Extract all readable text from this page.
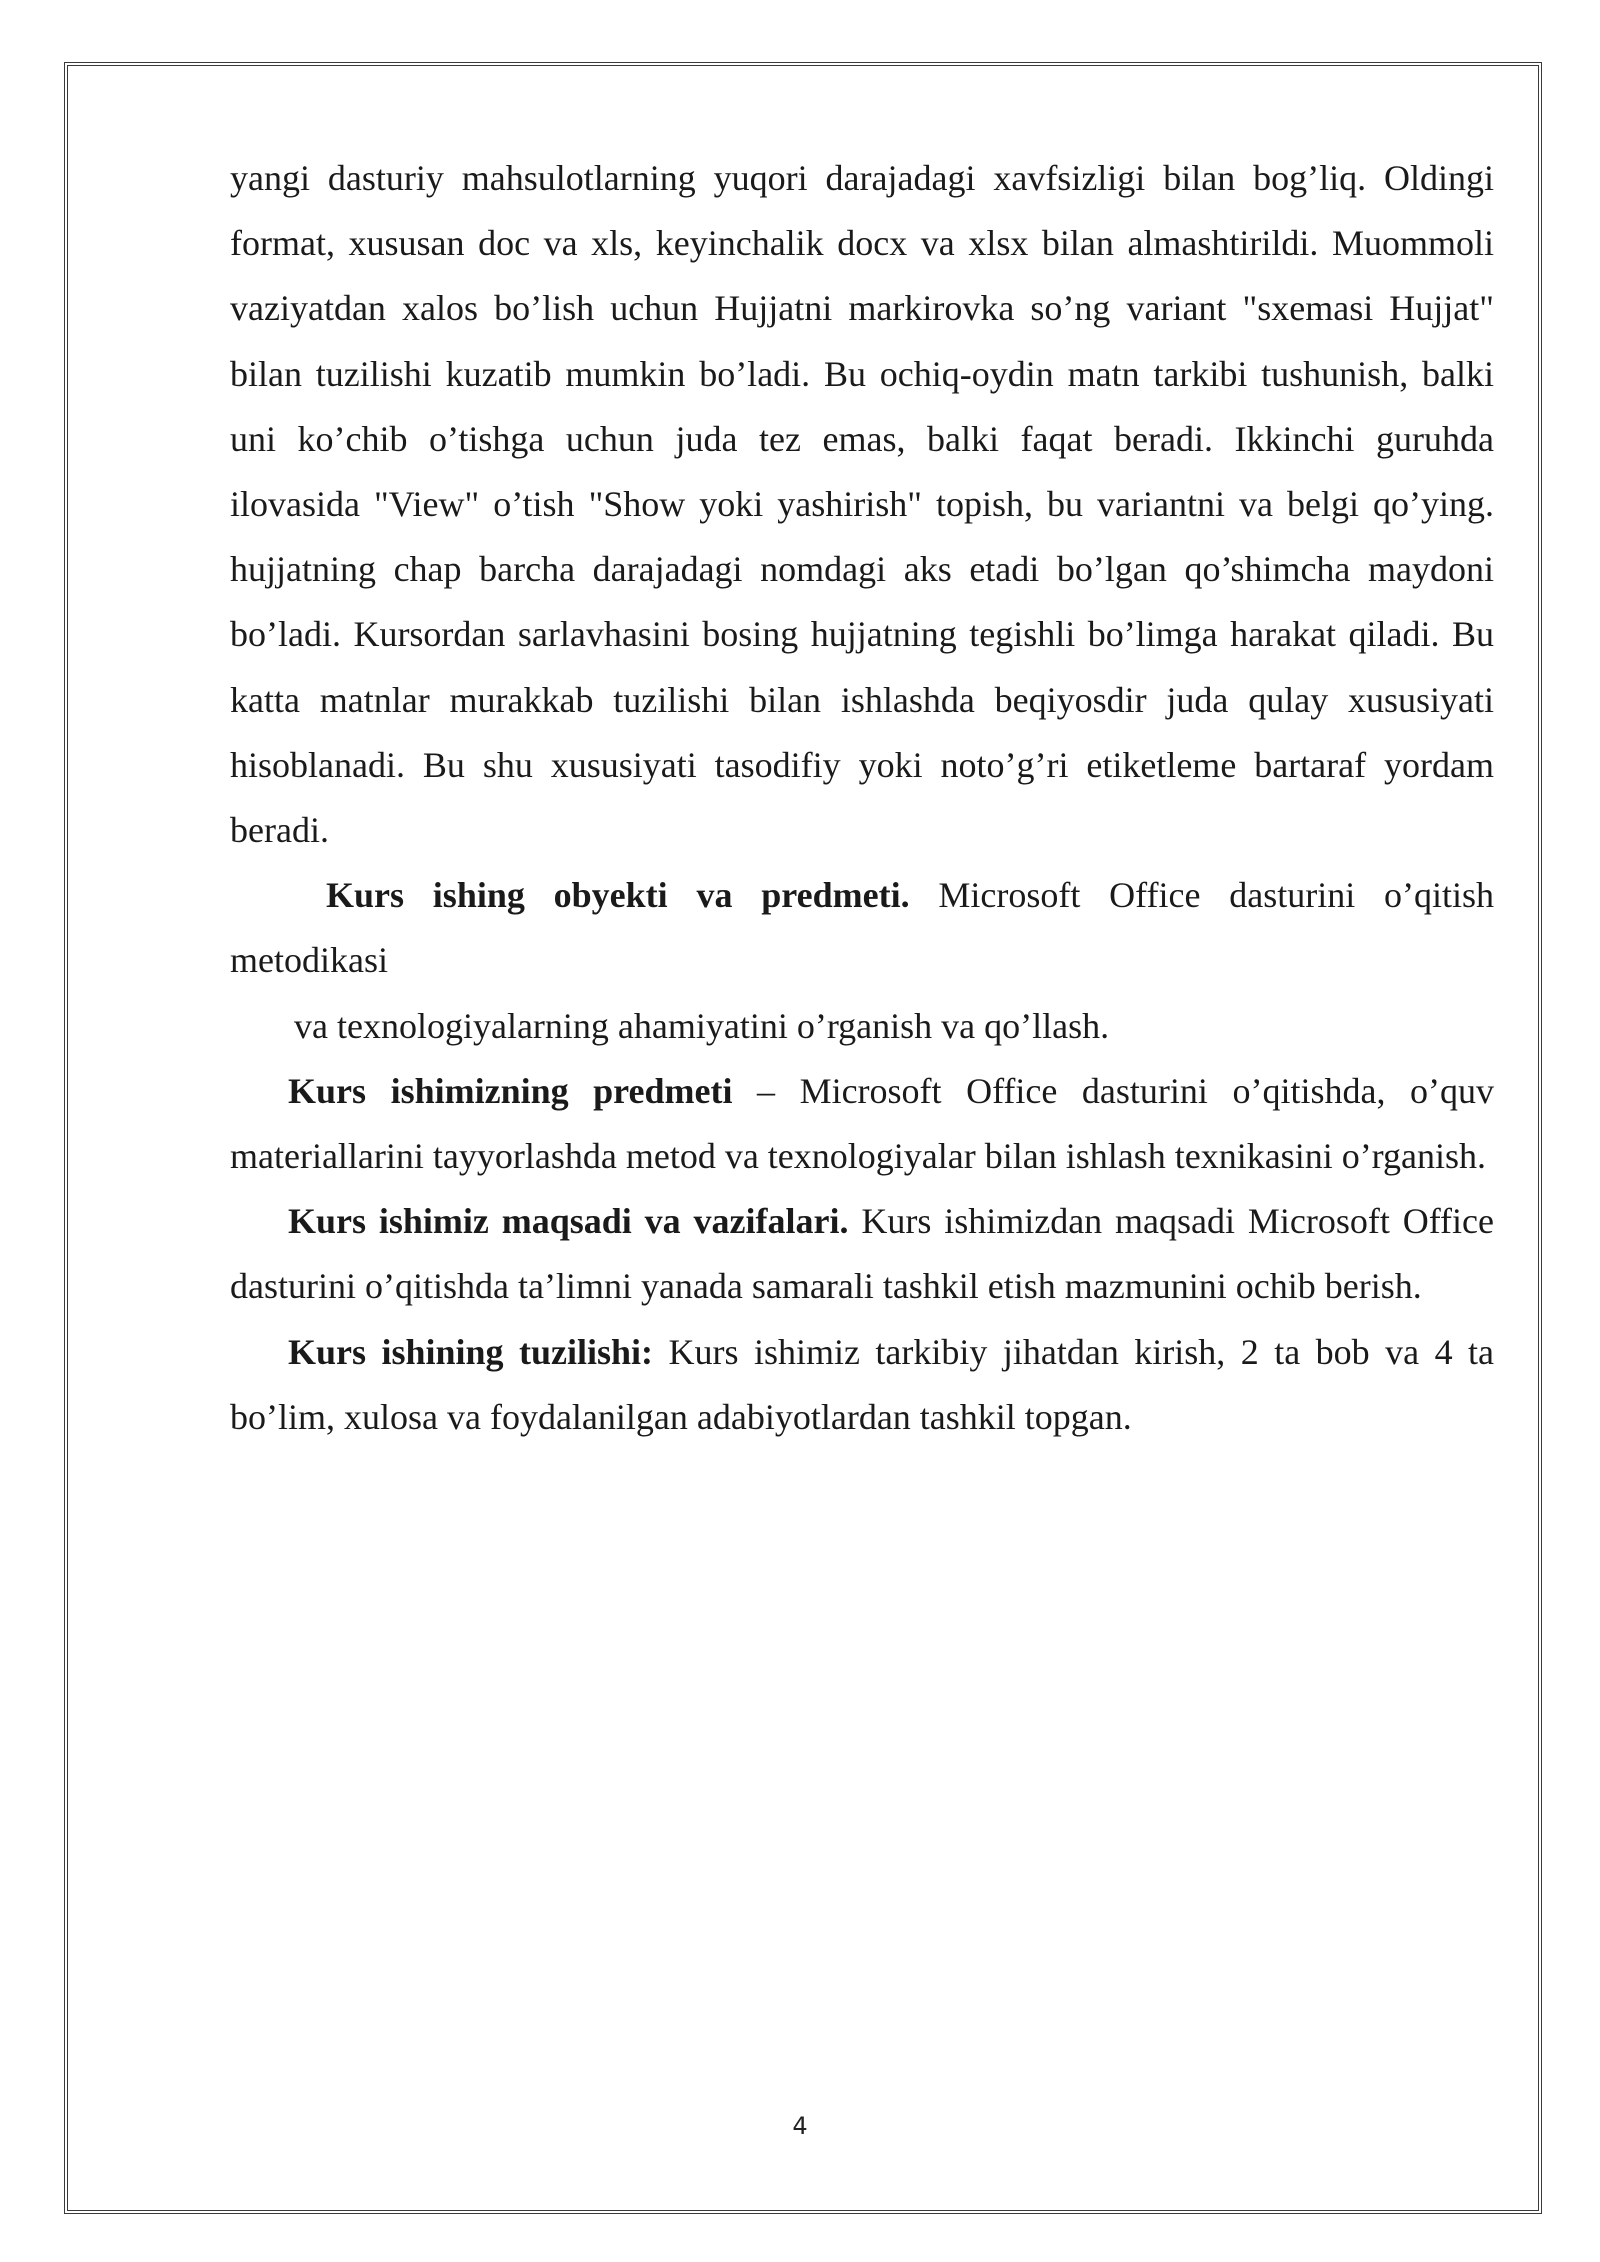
yangi dasturiy mahsulotlarning yuqori darajadagi xavfsizligi bilan bog’liq. Oldingi format, xususan doc va xls, keyinchalik docx va xlsx bilan almashtirildi. Muommoli vaziyatdan xalos bo’lish uchun Hujjatni markirovka so’ng variant "sxemasi Hujjat" bilan tuzilishi kuzatib mumkin bo’ladi. Bu ochiq-oydin matn tarkibi tushunish, balki uni ko’chib o’tishga uchun juda tez emas, balki faqat beradi. Ikkinchi guruhda ilovasida "View" o’tish "Show yoki yashirish" topish, bu variantni va belgi qo’ying. hujjatning chap barcha darajadagi nomdagi aks etadi bo’lgan qo’shimcha maydoni bo’ladi. Kursordan sarlavhasini bosing hujjatning tegishli bo’limga harakat qiladi. Bu katta matnlar murakkab tuzilishi bilan ishlashda beqiyosdir juda qulay xususiyati hisoblanadi. Bu shu xususiyati tasodifiy yoki noto’g’ri etiketleme bartaraf yordam beradi.

Kurs ishing obyekti va predmeti. Microsoft Office dasturini o’qitish metodikasi

va texnologiyalarning ahamiyatini o’rganish va qo’llash.

Kurs ishimizning predmeti – Microsoft Office dasturini o’qitishda, o’quv materiallarini tayyorlashda metod va texnologiyalar bilan ishlash texnikasini o’rganish.

Kurs ishimiz maqsadi va vazifalari. Kurs ishimizdan maqsadi Microsoft Office dasturini o’qitishda ta’limni yanada samarali tashkil etish mazmunini ochib berish.

Kurs ishining tuzilishi: Kurs ishimiz tarkibiy jihatdan kirish, 2 ta bob va 4 ta bo’lim, xulosa va foydalanilgan adabiyotlardan tashkil topgan.

4
